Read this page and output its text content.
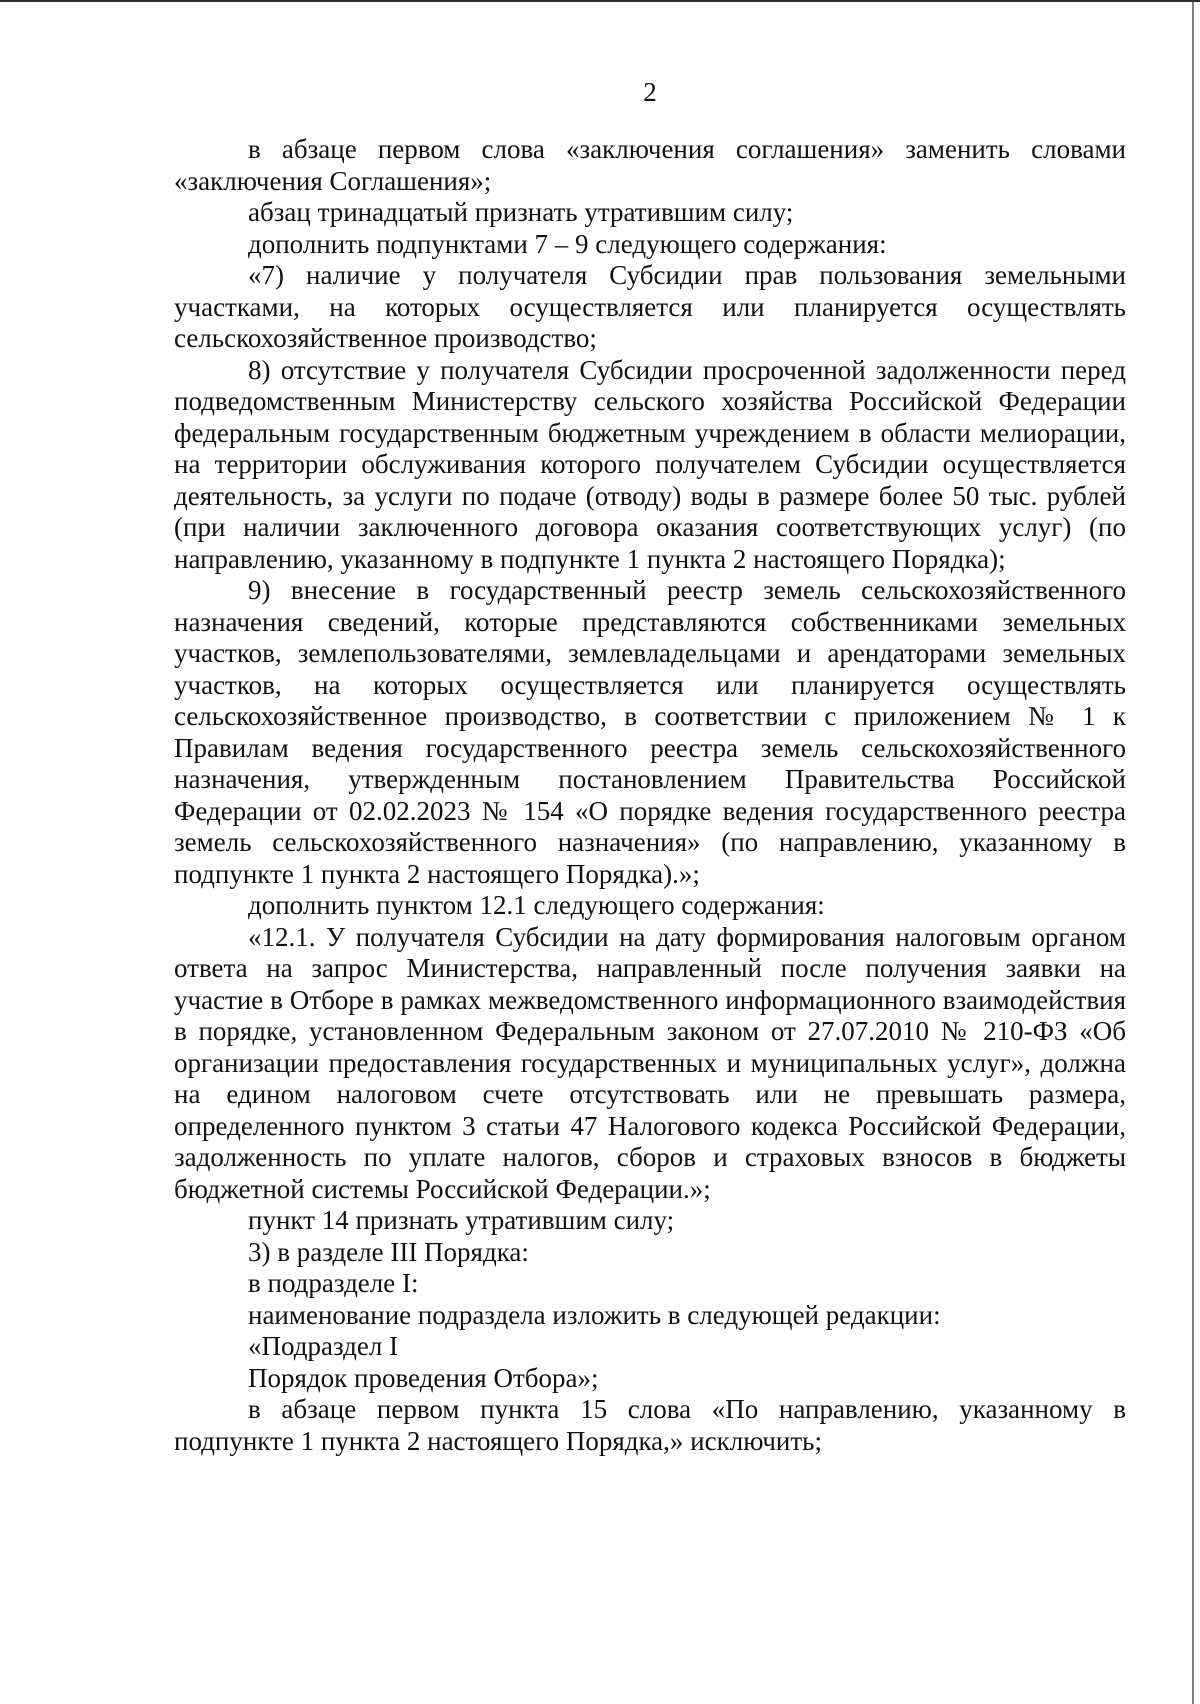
2

в абзаце первом слова «заключения соглашения» заменить словами «заключения Соглашения»;

абзац тринадцатый признать утратившим силу;

дополнить подпунктами 7 – 9 следующего содержания:

«7) наличие у получателя Субсидии прав пользования земельными участками, на которых осуществляется или планируется осуществлять сельскохозяйственное производство;

8) отсутствие у получателя Субсидии просроченной задолженности перед подведомственным Министерству сельского хозяйства Российской Федерации федеральным государственным бюджетным учреждением в области мелиорации, на территории обслуживания которого получателем Субсидии осуществляется деятельность, за услуги по подаче (отводу) воды в размере более 50 тыс. рублей (при наличии заключенного договора оказания соответствующих услуг) (по направлению, указанному в подпункте 1 пункта 2 настоящего Порядка);

9) внесение в государственный реестр земель сельскохозяйственного назначения сведений, которые представляются собственниками земельных участков, землепользователями, землевладельцами и арендаторами земельных участков, на которых осуществляется или планируется осуществлять сельскохозяйственное производство, в соответствии с приложением № 1 к Правилам ведения государственного реестра земель сельскохозяйственного назначения, утвержденным постановлением Правительства Российской Федерации от 02.02.2023 № 154 «О порядке ведения государственного реестра земель сельскохозяйственного назначения» (по направлению, указанному в подпункте 1 пункта 2 настоящего Порядка).»;

дополнить пунктом 12.1 следующего содержания:

«12.1. У получателя Субсидии на дату формирования налоговым органом ответа на запрос Министерства, направленный после получения заявки на участие в Отборе в рамках межведомственного информационного взаимодействия в порядке, установленном Федеральным законом от 27.07.2010 № 210-ФЗ «Об организации предоставления государственных и муниципальных услуг», должна на едином налоговом счете отсутствовать или не превышать размера, определенного пунктом 3 статьи 47 Налогового кодекса Российской Федерации, задолженность по уплате налогов, сборов и страховых взносов в бюджеты бюджетной системы Российской Федерации.»;

пункт 14 признать утратившим силу;

3) в разделе III Порядка:

в подразделе I:

наименование подраздела изложить в следующей редакции:

«Подраздел I

Порядок проведения Отбора»;

в абзаце первом пункта 15 слова «По направлению, указанному в подпункте 1 пункта 2 настоящего Порядка,» исключить;
